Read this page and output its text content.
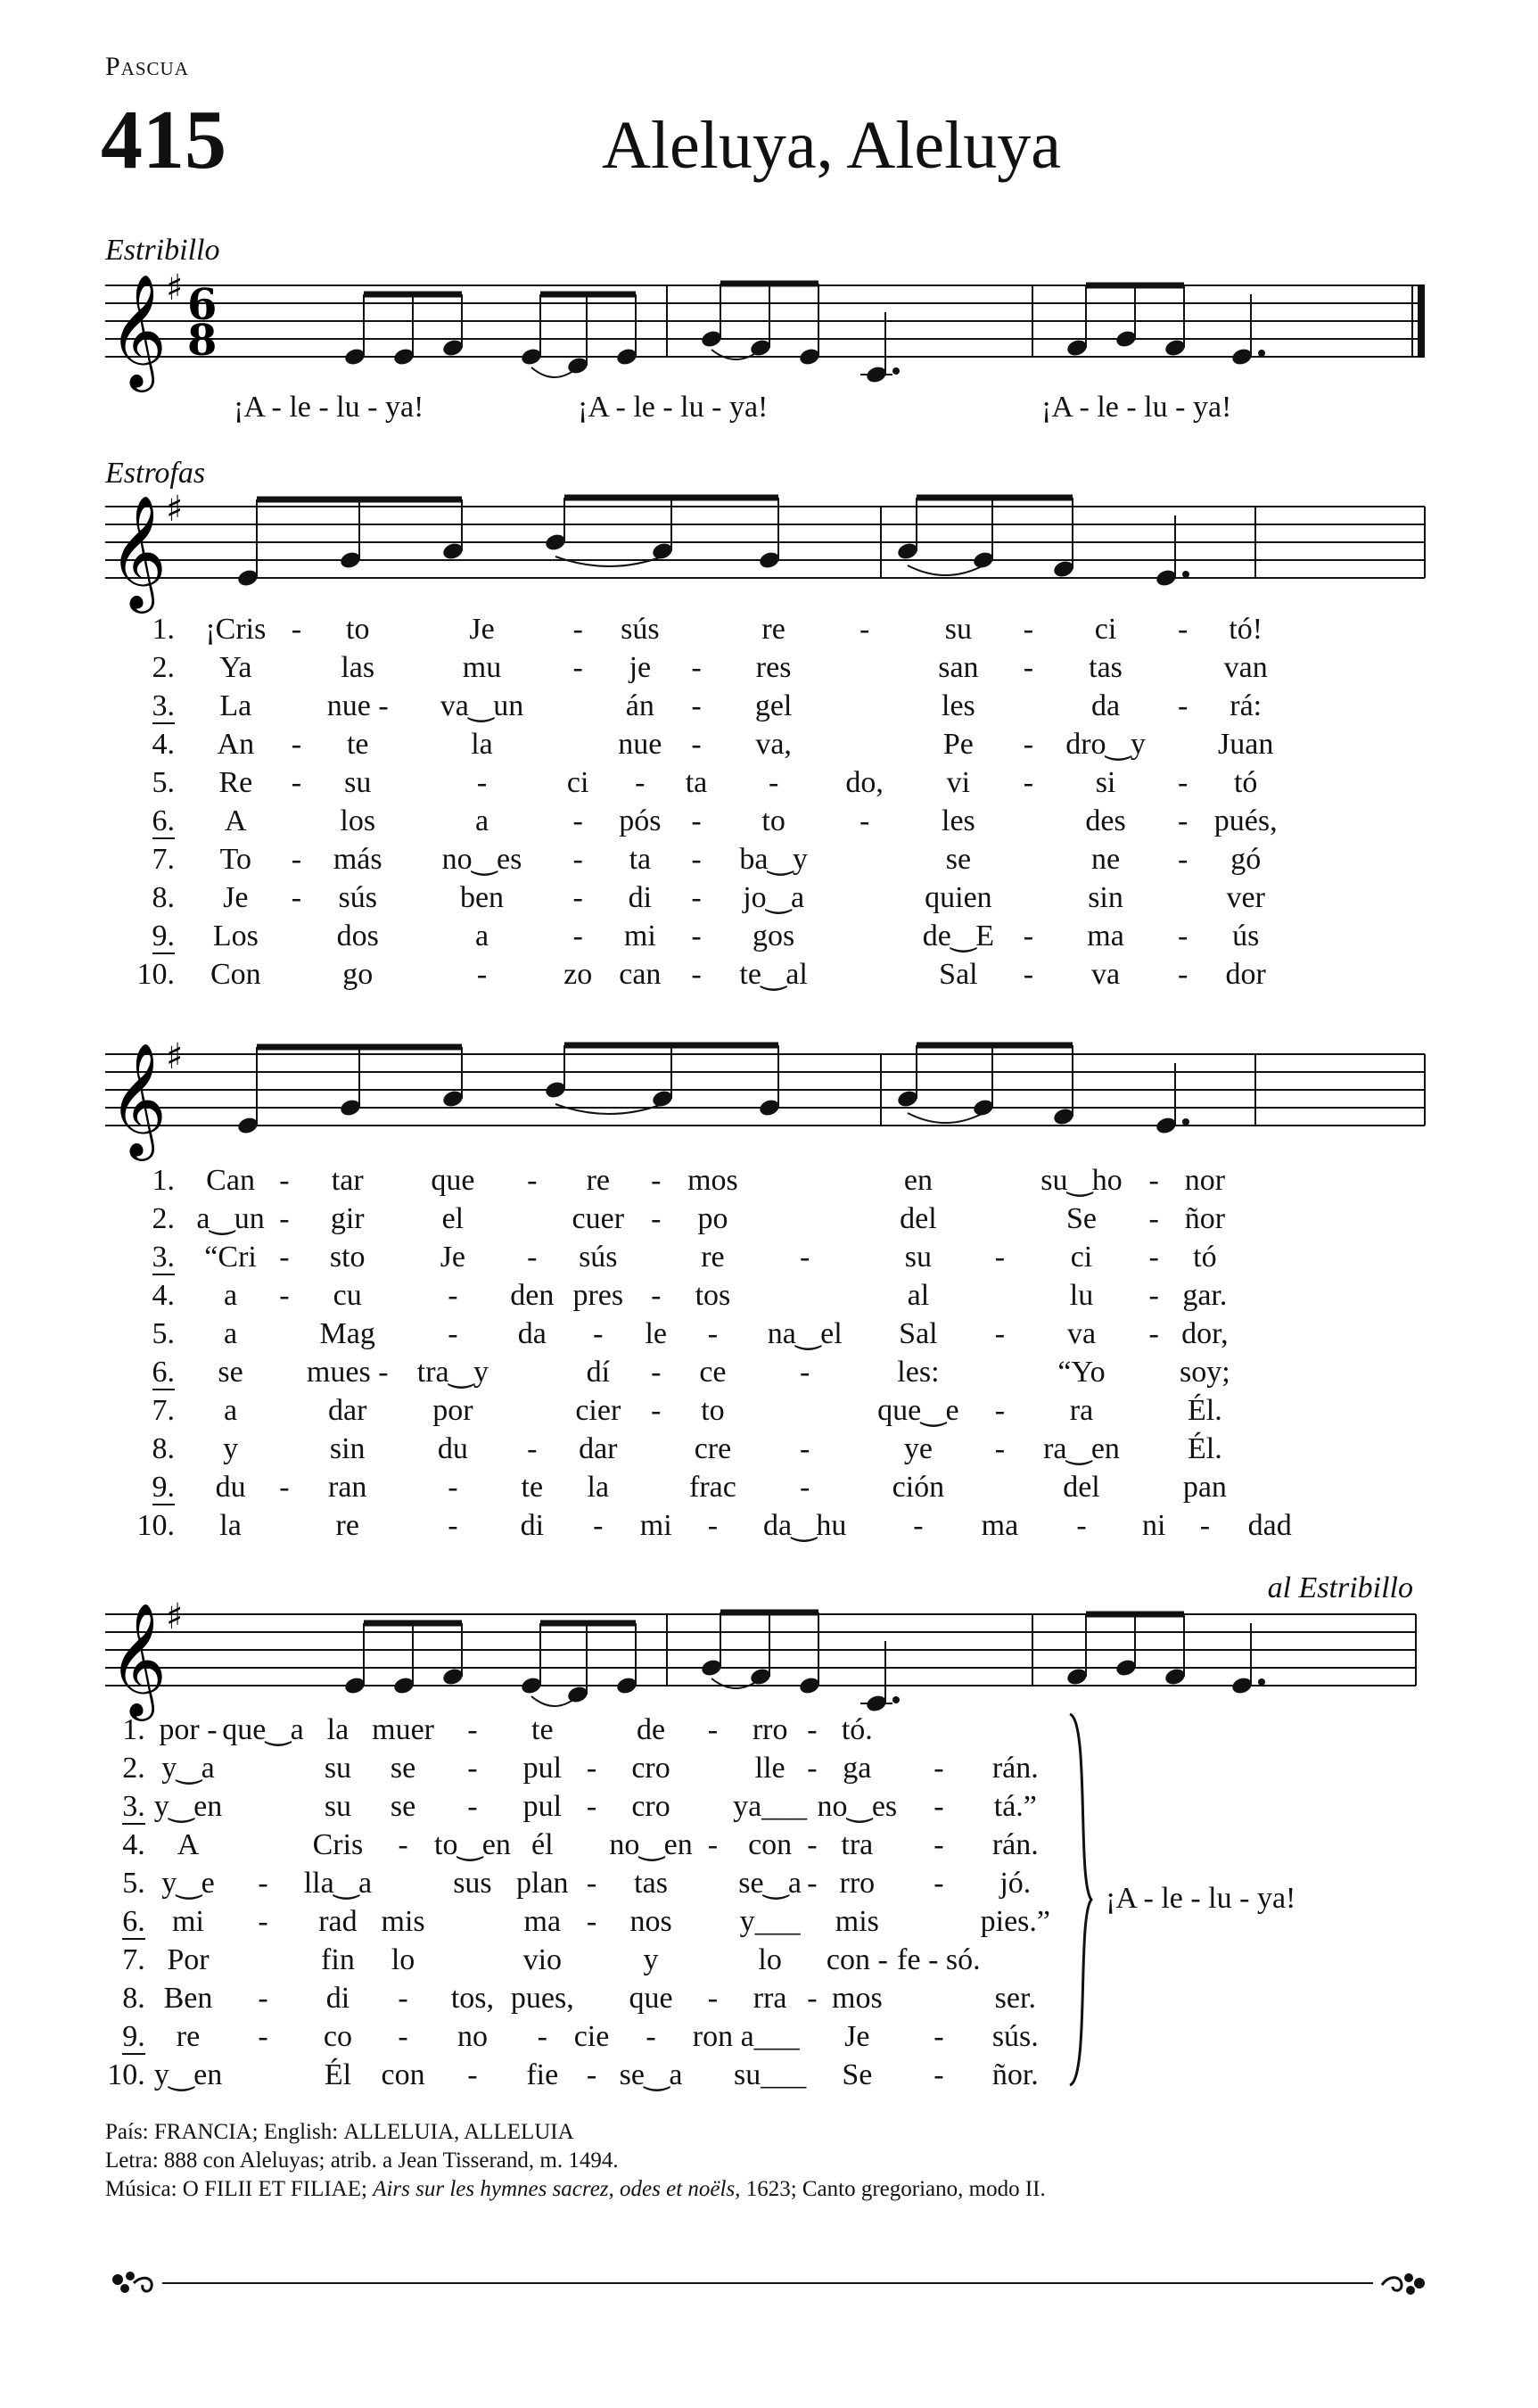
Pascua
415	Aleluya, Aleluya
Estribillo
𝄞
♯ 6
8
¡A - le - lu - ya!	¡A - le - lu - ya!	¡A - le - lu - ya!
Estrofas
𝄞
♯
1.	¡Cris	-	to	Je	-	sús		re	-	su	-	ci	-	tó!
2.	Ya		las	mu	-	je	-	res		san	-	tas		van
3.	La		nue -	va‿un		án	-	gel		les		da	-	rá:
4.	An	-	te	la		nue	-	va,		Pe	-	dro‿y		Juan
5.	Re	-	su	-	ci	-	ta	-	do,	vi	-	si	-	tó
6.	A		los	a	-	pós	-	to	-	les		des	-	pués,
7.	To	-	más	no‿es	-	ta	-	ba‿y		se		ne	-	gó
8.	Je	-	sús	ben	-	di	-	jo‿a		quien		sin		ver
9.	Los		dos	a	-	mi	-	gos		de‿E	-	ma	-	ús
10.	Con		go	-	zo	can	-	te‿al		Sal	-	va	-	dor
𝄞
♯
1.	Can	-	tar	que	-	re	-	mos		en		su‿ho	-	nor	
2.	a‿un	-	gir	el		cuer	-	po		del		Se	-	ñor	
3.	“Cri	-	sto	Je	-	sús		re	-	su	-	ci	-	tó	
4.	a	-	cu	-	den	pres	-	tos		al		lu	-	gar.	
5.	a		Mag	-	da	-	le	-	na‿el	Sal	-	va	-	dor,	
6.	se		mues -	tra‿y		dí	-	ce	-	les:		“Yo		soy;	
7.	a		dar	por		cier	-	to		que‿e	-	ra		Él.	
8.	y		sin	du	-	dar		cre	-	ye	-	ra‿en		Él.	
9.	du	-	ran	-	te	la		frac	-	ción		del		pan	
10.	la		re	-	di	-	mi	-	da‿hu	-	ma	-	ni	-	dad
al Estribillo
𝄞
♯
1.	por -	que‿a	la	muer	-	te		de	-	rro	-	tó.		
2.	y‿a		su	se	-	pul	-	cro		lle	-	ga	-	rán.
3.	y‿en		su	se	-	pul	-	cro		ya___		no‿es	-	tá.”
4.	A		Cris	-	to‿en	él		no‿en	-	con	-	tra	-	rán.
5.	y‿e	-	lla‿a		sus	plan	-	tas		se‿a	-	rro	-	jó.
6.	mi	-	rad	mis		ma	-	nos		y___		mis		pies.”
7.	Por		fin	lo		vio		y		lo		con -	fe - só.	
8.	Ben	-	di	-	tos,	pues,		que	-	rra	-	mos		ser.
9.	re	-	co	-	no	-	cie	-	ron	a___		Je	-	sús.
10.	y‿en		Él	con	-	fie	-	se‿a		su___		Se	-	ñor.
¡A - le - lu - ya!
País: FRANCIA; English: ALLELUIA, ALLELUIA
Letra: 888 con Aleluyas; atrib. a Jean Tisserand, m. 1494.
Música: O FILII ET FILIAE; Airs sur les hymnes sacrez, odes et noëls, 1623; Canto gregoriano, modo II.
